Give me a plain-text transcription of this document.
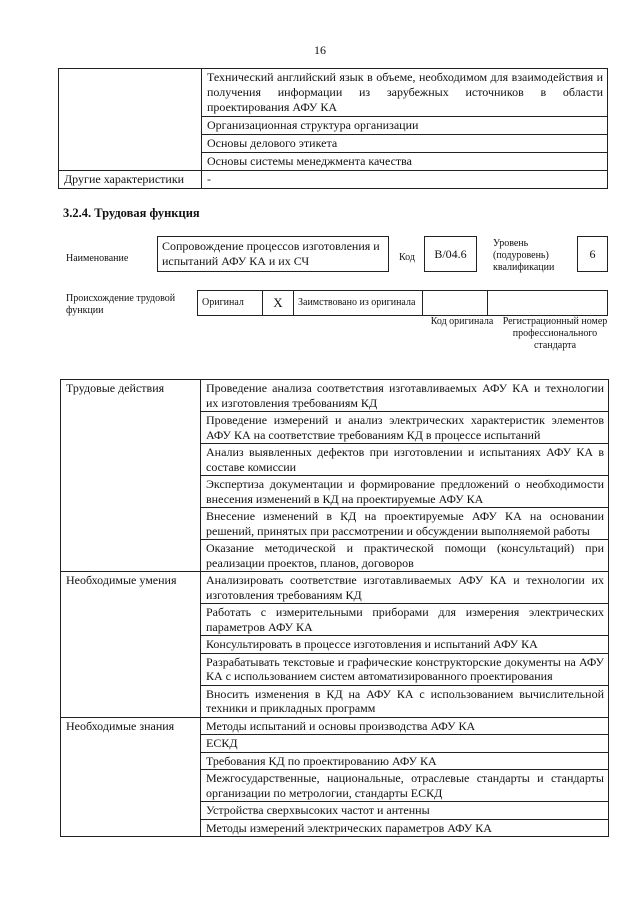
16
	Технический английский язык в объеме, необходимом для взаимодействия и получения информации из зарубежных источников в области проектирования АФУ КА
	Организационная структура организации
	Основы делового этикета
	Основы системы менеджмента качества
Другие характеристики	-
3.2.4. Трудовая функция
Наименование
Сопровождение процессов изготовления и испытаний АФУ КА и их СЧ	Код	B/04.6
Уровень (подуровень) квалификации
6
Происхождение трудовой функции
Оригинал	X	Заимствовано из оригинала		
Код оригинала Регистрационный номер профессионального стандарта
Трудовые действия	Проведение анализа соответствия изготавливаемых АФУ КА и технологии их изготовления требованиям КД
	Проведение измерений и анализ электрических характеристик элементов АФУ КА на соответствие требованиям КД в процессе испытаний
	Анализ выявленных дефектов при изготовлении и испытаниях АФУ КА в составе комиссии
	Экспертиза документации и формирование предложений о необходимости внесения изменений в КД на проектируемые АФУ КА
	Внесение изменений в КД на проектируемые АФУ КА на основании решений, принятых при рассмотрении и обсуждении выполняемой работы
	Оказание методической и практической помощи (консультаций) при реализации проектов, планов, договоров
Необходимые умения	Анализировать соответствие изготавливаемых АФУ КА и технологии их изготовления требованиям КД
	Работать с измерительными приборами для измерения электрических параметров АФУ КА
	Консультировать в процессе изготовления и испытаний АФУ КА
	Разрабатывать текстовые и графические конструкторские документы на АФУ КА с использованием систем автоматизированного проектирования
	Вносить изменения в КД на АФУ КА с использованием вычислительной техники и прикладных программ
Необходимые знания	Методы испытаний и основы производства АФУ КА
	ЕСКД
	Требования КД по проектированию АФУ КА
	Межгосударственные, национальные, отраслевые стандарты и стандарты организации по метрологии, стандарты ЕСКД
	Устройства сверхвысоких частот и антенны
	Методы измерений электрических параметров АФУ КА
